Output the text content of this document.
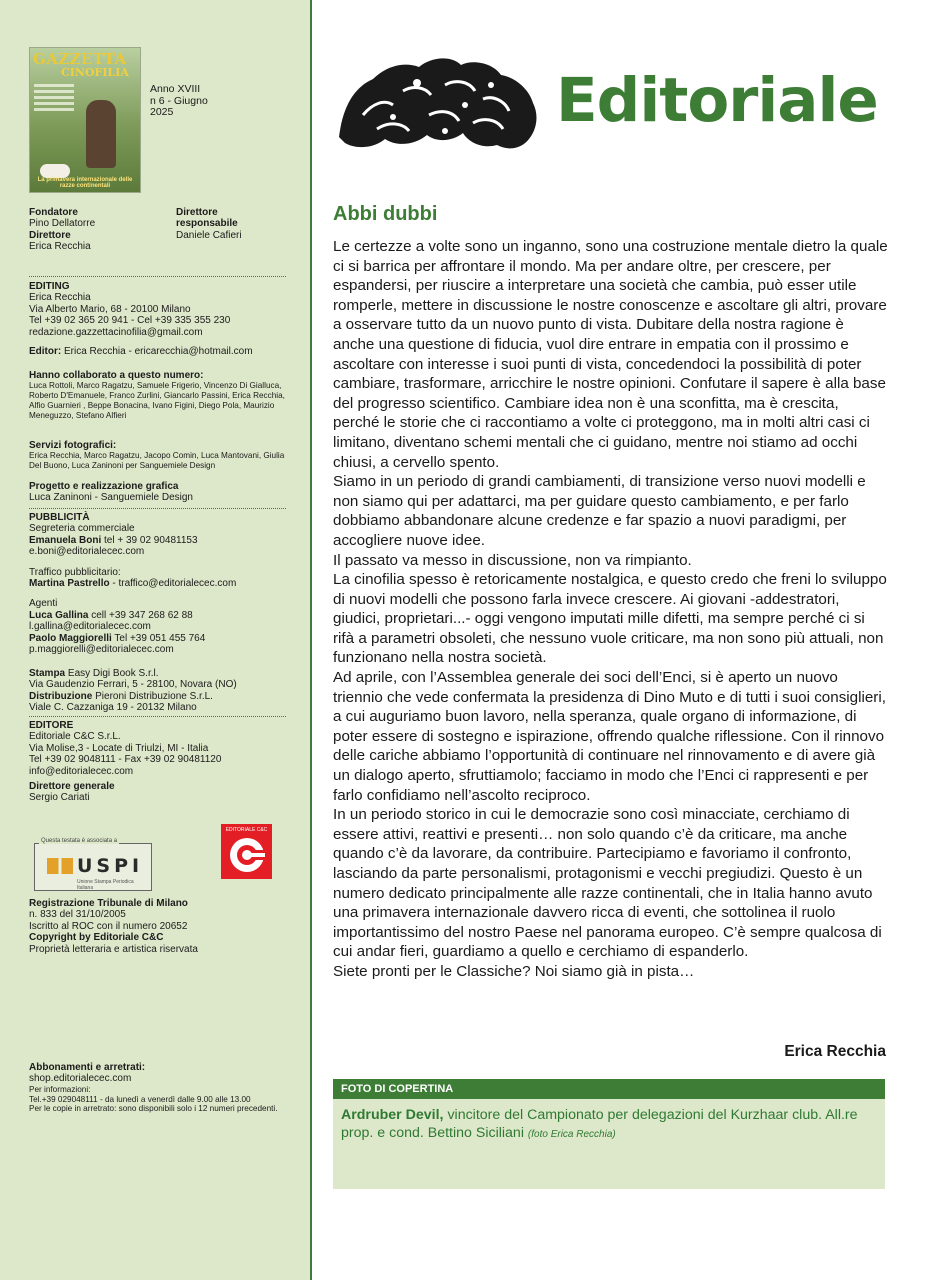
GAZZETTA
CINOFILIA
La primavera internazionale delle razze continentali
Anno XVIII
n 6 - Giugno
2025
Fondatore
Pino Dellatorre
Direttore
Erica Recchia
Direttore
responsabile
Daniele Cafieri
EDITING
Erica Recchia
Via Alberto Mario, 68 - 20100 Milano
Tel +39 02 365 20 941 - Cel +39 335 355 230
redazione.gazzettacinofilia@gmail.com
Editor: Erica Recchia - ericarecchia@hotmail.com
Hanno collaborato a questo numero:
Luca Rottoli, Marco Ragatzu, Samuele Frigerio, Vincenzo Di Gialluca, Roberto D'Emanuele, Franco Zurlini, Giancarlo Passini, Erica Recchia, Alfio Guarnieri , Beppe Bonacina, Ivano Figini, Diego Pola, Maurizio Meneguzzo, Stefano Alfieri
Servizi fotografici:
Erica Recchia, Marco Ragatzu, Jacopo Comin, Luca Mantovani, Giulia Del Buono, Luca Zaninoni per Sanguemiele Design
Progetto e realizzazione grafica
Luca Zaninoni - Sanguemiele Design
PUBBLICITÀ
Segreteria commerciale
Emanuela Boni tel + 39 02 90481153
e.boni@editorialecec.com
Traffico pubblicitario:
Martina Pastrello - traffico@editorialecec.com
Agenti
Luca Gallina cell +39 347 268 62 88
l.gallina@editorialecec.com
Paolo Maggiorelli Tel +39 051 455 764
p.maggiorelli@editorialecec.com
Stampa Easy Digi Book S.r.l.
Via Gaudenzio Ferrari, 5 - 28100, Novara (NO)
Distribuzione Pieroni Distribuzione S.r.L.
Viale C. Cazzaniga 19 - 20132 Milano
EDITORE
Editoriale C&C S.r.L.
Via Molise,3 - Locate di Triulzi, MI - Italia
Tel +39 02 9048111 - Fax +39 02 90481120
info@editorialecec.com
Direttore generale
Sergio Cariati
EDITORIALE C&C
Questa testata è associata a
USPI
Unione Stampa Periodica Italiana
Registrazione Tribunale di Milano
n. 833 del 31/10/2005
Iscritto al ROC con il numero 20652
Copyright by Editoriale C&C
Proprietà letteraria e artistica riservata
Abbonamenti e arretrati:
shop.editorialecec.com
Per informazioni:
Tel.+39 029048111 - da lunedì a venerdì dalle 9.00 alle 13.00
Per le copie in arretrato: sono disponibili solo i 12 numeri precedenti.
Editoriale
Abbi dubbi

Le certezze a volte sono un inganno, sono una costruzione mentale dietro la quale ci si barrica per affrontare il mondo. Ma per andare oltre, per crescere, per espandersi, per riuscire a interpretare una società che cambia, può esser utile romperle, mettere in discussione le nostre conoscenze e ascoltare gli altri, provare a osservare tutto da un nuovo punto di vista. Dubitare della nostra ragione è anche una questione di fiducia, vuol dire entrare in empatia con il prossimo e ascoltare con interesse i suoi punti di vista, concedendoci la possibilità di poter cambiare, trasformare, arricchire le nostre opinioni. Confutare il sapere è alla base del progresso scientifico. Cambiare idea non è una sconfitta, ma è crescita, perché le storie che ci raccontiamo a volte ci proteggono, ma in molti altri casi ci limitano, diventano schemi mentali che ci guidano, mentre noi stiamo ad occhi chiusi, a cervello spento.

Siamo in un periodo di grandi cambiamenti, di transizione verso nuovi modelli e non siamo qui per adattarci, ma per guidare questo cambiamento, e per farlo dobbiamo abbandonare alcune credenze e far spazio a nuovi paradigmi, per accogliere nuove idee.

Il passato va messo in discussione, non va rimpianto.

La cinofilia spesso è retoricamente nostalgica, e questo credo che freni lo sviluppo di nuovi modelli che possono farla invece crescere. Ai giovani -addestratori, giudici, proprietari...- oggi vengono imputati mille difetti, ma sempre perché ci si rifà a parametri obsoleti, che nessuno vuole criticare, ma non sono più attuali, non funzionano nella nostra società.

Ad aprile, con l’Assemblea generale dei soci dell’Enci, si è aperto un nuovo triennio che vede confermata la presidenza di Dino Muto e di tutti i suoi consiglieri, a cui auguriamo buon lavoro, nella speranza, quale organo di informazione, di poter essere di sostegno e ispirazione, offrendo qualche riflessione. Con il rinnovo delle cariche abbiamo l’opportunità di continuare nel rinnovamento e di avere già un dialogo aperto, sfruttiamolo; facciamo in modo che l’Enci ci rappresenti e per farlo confidiamo nell’ascolto reciproco.

In un periodo storico in cui le democrazie sono così minacciate, cerchiamo di essere attivi, reattivi e presenti… non solo quando c’è da criticare, ma anche quando c’è da lavorare, da contribuire. Partecipiamo e favoriamo il confronto, lasciando da parte personalismi, protagonismi e vecchi pregiudizi. Questo è un numero dedicato principalmente alle razze continentali, che in Italia hanno avuto una primavera internazionale davvero ricca di eventi, che sottolinea il ruolo importantissimo del nostro Paese nel panorama europeo. C’è sempre qualcosa di cui andar fieri, guardiamo a quello e cerchiamo di espanderlo.

Siete pronti per le Classiche? Noi siamo già in pista…

Erica Recchia
FOTO DI COPERTINA
Ardruber Devil, vincitore del Campionato per delegazioni del Kurzhaar club. All.re prop. e cond. Bettino Siciliani (foto Erica Recchia)
